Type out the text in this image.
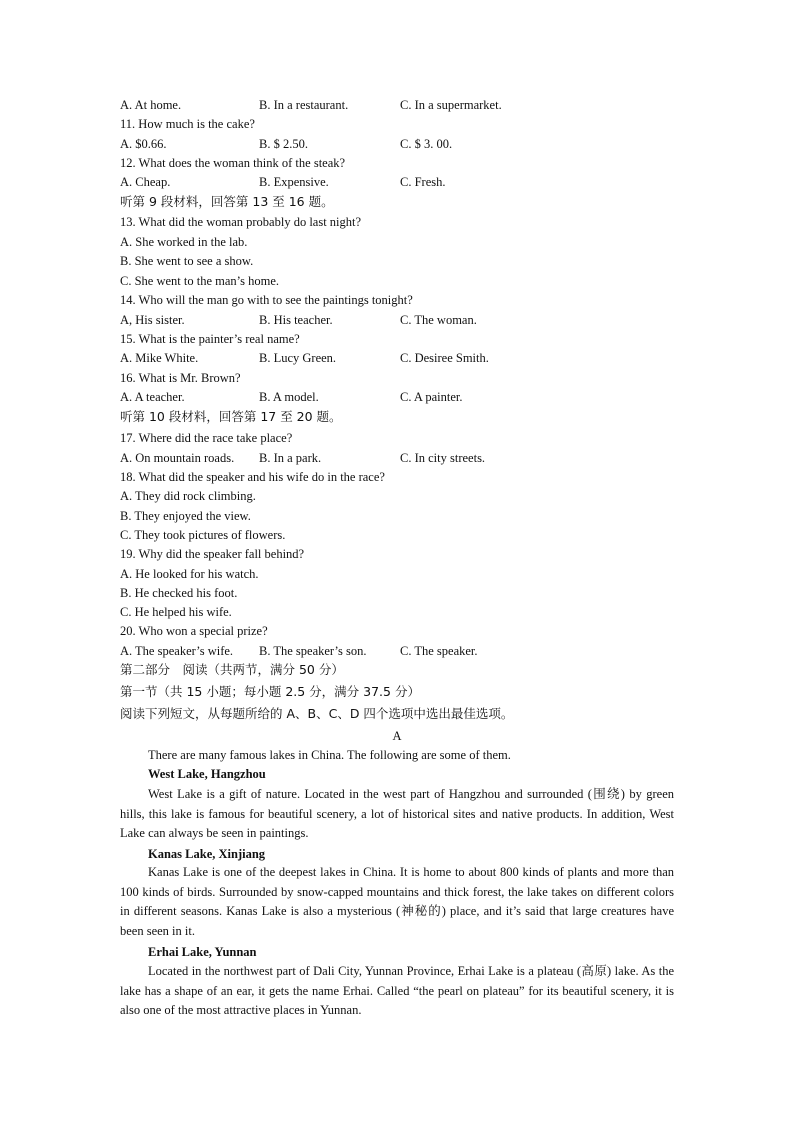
A. At home.	B. In a restaurant.	C. In a supermarket.
11. How much is the cake?
A. $0.66.	B. $ 2.50.	C. $ 3. 00.
12. What does the woman think of the steak?
A. Cheap.	B. Expensive.	C. Fresh.
听第 9 段材料，回答第 13 至 16 题。
13. What did the woman probably do last night?
A. She worked in the lab.
B. She went to see a show.
C. She went to the man’s home.
14. Who will the man go with to see the paintings tonight?
A, His sister.	B. His teacher.	C. The woman.
15. What is the painter’s real name?
A. Mike White.	B. Lucy Green.	C. Desiree Smith.
16. What is Mr. Brown?
A. A teacher.	B. A model.	C. A painter.
听第 10 段材料，回答第 17 至 20 题。
17. Where did the race take place?
A. On mountain roads. B. In a park.	C. In city streets.
18. What did the speaker and his wife do in the race?
A. They did rock climbing.
B. They enjoyed the view.
C. They took pictures of flowers.
19. Why did the speaker fall behind?
A. He looked for his watch.
B. He checked his foot.
C. He helped his wife.
20. Who won a special prize?
A. The speaker’s wife. B. The speaker’s son.	C. The speaker.
第二部分　阅读（共两节，满分 50 分）
第一节（共 15 小题；每小题 2.5 分，满分 37.5 分）
阅读下列短文，从每题所给的 A、B、C、D 四个选项中选出最佳选项。
A
There are many famous lakes in China. The following are some of them.
West Lake, Hangzhou
West Lake is a gift of nature. Located in the west part of Hangzhou and surrounded (围绕) by green hills, this lake is famous for beautiful scenery, a lot of historical sites and native products. In addition, West Lake can always be seen in paintings.
Kanas Lake, Xinjiang
Kanas Lake is one of the deepest lakes in China. It is home to about 800 kinds of plants and more than 100 kinds of birds. Surrounded by snow-capped mountains and thick forest, the lake takes on different colors in different seasons. Kanas Lake is also a mysterious (神秘的) place, and it’s said that large creatures have been seen in it.
Erhai Lake, Yunnan
Located in the northwest part of Dali City, Yunnan Province, Erhai Lake is a plateau (高原) lake. As the lake has a shape of an ear, it gets the name Erhai. Called “the pearl on plateau” for its beautiful scenery, it is also one of the most attractive places in Yunnan.
